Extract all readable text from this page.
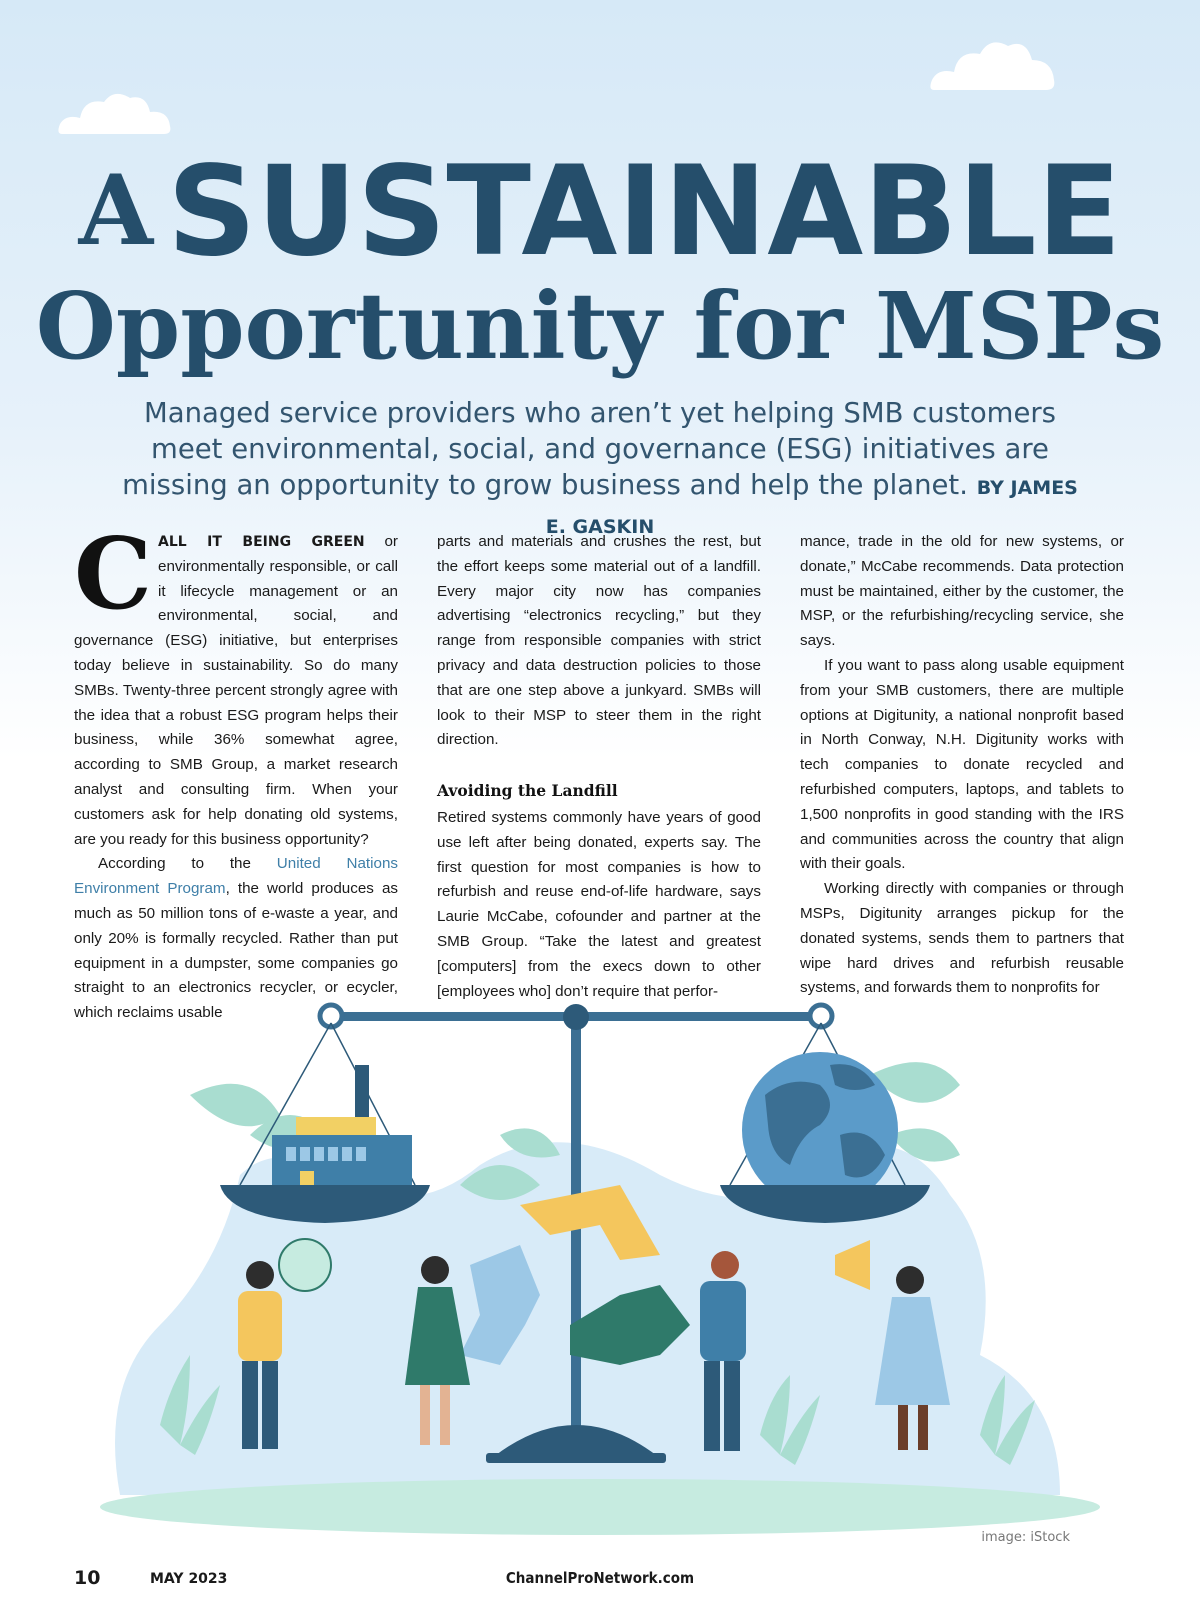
A SUSTAINABLE
Opportunity for MSPs
Managed service providers who aren’t yet helping SMB customers meet environmental, social, and governance (ESG) initiatives are missing an opportunity to grow business and help the planet. BY JAMES E. GASKIN

CALL IT BEING GREEN or environmentally responsible, or call it lifecycle management or an environmental, social, and governance (ESG) initiative, but enterprises today believe in sustainability. So do many SMBs. Twenty-three percent strongly agree with the idea that a robust ESG program helps their business, while 36% somewhat agree, according to SMB Group, a market research analyst and consulting firm. When your customers ask for help donating old systems, are you ready for this business opportunity?

According to the United Nations Environment Program, the world produces as much as 50 million tons of e-waste a year, and only 20% is formally recycled. Rather than put equipment in a dumpster, some companies go straight to an electronics recycler, or ecycler, which reclaims usable

parts and materials and crushes the rest, but the effort keeps some material out of a landfill. Every major city now has companies advertising “electronics recycling,” but they range from responsible companies with strict privacy and data destruction policies to those that are one step above a junkyard. SMBs will look to their MSP to steer them in the right direction.

Avoiding the Landfill

Retired systems commonly have years of good use left after being donated, experts say. The first question for most companies is how to refurbish and reuse end-of-life hardware, says Laurie McCabe, cofounder and partner at the SMB Group. “Take the latest and greatest [computers] from the execs down to other [employees who] don’t require that perfor-

mance, trade in the old for new systems, or donate,” McCabe recommends. Data protection must be maintained, either by the customer, the MSP, or the refurbishing/recycling service, she says.

If you want to pass along usable equipment from your SMB customers, there are multiple options at Digitunity, a national nonprofit based in North Conway, N.H. Digitunity works with tech companies to donate recycled and refurbished computers, laptops, and tablets to 1,500 nonprofits in good standing with the IRS and communities across the country that align with their goals.

Working directly with companies or through MSPs, Digitunity arranges pickup for the donated systems, sends them to partners that wipe hard drives and refurbish reusable systems, and forwards them to nonprofits for

image: iStock
10	MAY 2023	ChannelProNetwork.com
